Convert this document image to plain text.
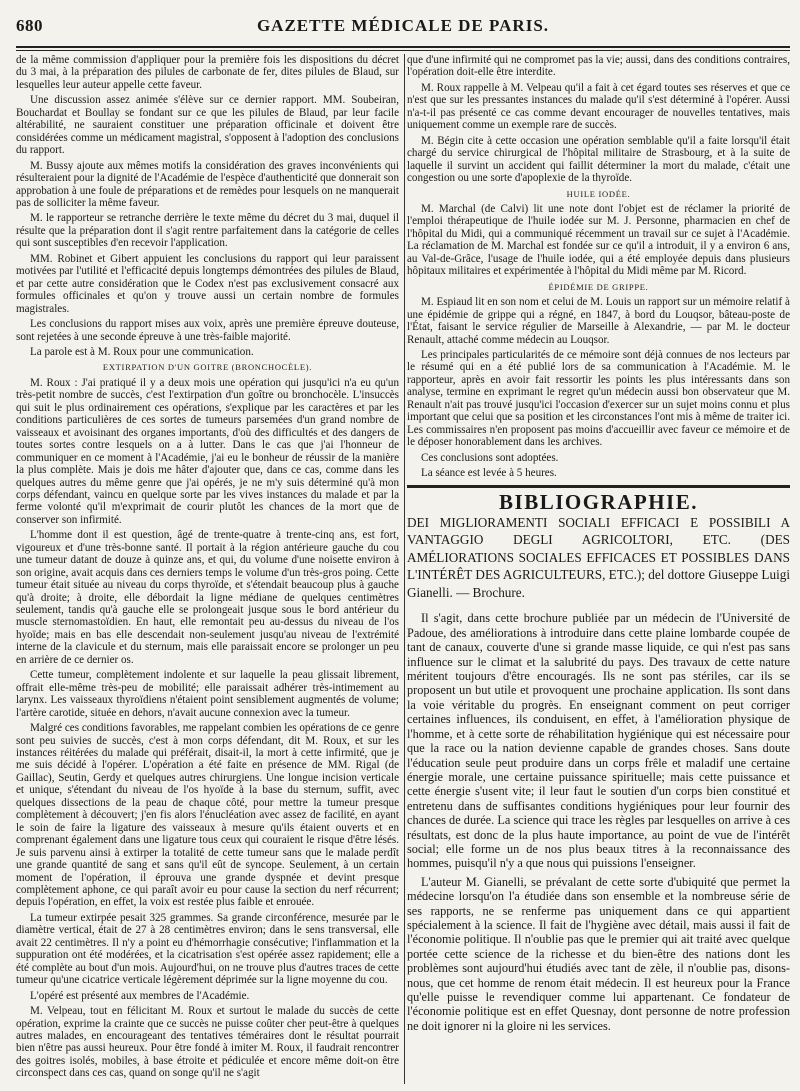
680	GAZETTE MÉDICALE DE PARIS.

de la même commission d'appliquer pour la première fois les dispositions du décret du 3 mai, à la préparation des pilules de carbonate de fer, dites pilules de Blaud, sur lesquelles leur auteur appelle cette faveur.

Une discussion assez animée s'élève sur ce dernier rapport. MM. Soubeiran, Bouchardat et Boullay se fondant sur ce que les pilules de Blaud, par leur facile altérabilité, ne sauraient constituer une préparation officinale et doivent être considérées comme un médicament magistral, s'opposent à l'adoption des conclusions du rapport.

M. Bussy ajoute aux mêmes motifs la considération des graves inconvénients qui résulteraient pour la dignité de l'Académie de l'espèce d'authenticité que donnerait son approbation à une foule de préparations et de remèdes pour lesquels on ne manquerait pas de solliciter la même faveur.

M. le rapporteur se retranche derrière le texte même du décret du 3 mai, duquel il résulte que la préparation dont il s'agit rentre parfaitement dans la catégorie de celles qui sont susceptibles d'en recevoir l'application.

MM. Robinet et Gibert appuient les conclusions du rapport qui leur paraissent motivées par l'utilité et l'efficacité depuis longtemps démontrées des pilules de Blaud, et par cette autre considération que le Codex n'est pas exclusivement consacré aux formules officinales et qu'on y trouve aussi un certain nombre de formules magistrales.

Les conclusions du rapport mises aux voix, après une première épreuve douteuse, sont rejetées à une seconde épreuve à une très-faible majorité.

La parole est à M. Roux pour une communication.

EXTIRPATION D'UN GOITRE (BRONCHOCÈLE).

M. Roux : J'ai pratiqué il y a deux mois une opération qui jusqu'ici n'a eu qu'un très-petit nombre de succès, c'est l'extirpation d'un goître ou bronchocèle. L'insuccès qui suit le plus ordinairement ces opérations, s'explique par les caractères et par les conditions particulières de ces sortes de tumeurs parsemées d'un grand nombre de vaisseaux et avoisinant des organes importants, d'où des difficultés et des dangers de toutes sortes contre lesquels on a à lutter. Dans le cas que j'ai l'honneur de communiquer en ce moment à l'Académie, j'ai eu le bonheur de réussir de la manière la plus complète. Mais je dois me hâter d'ajouter que, dans ce cas, comme dans les quelques autres du même genre que j'ai opérés, je ne m'y suis déterminé qu'à mon corps défendant, vaincu en quelque sorte par les vives instances du malade et par la ferme volonté qu'il m'exprimait de courir plutôt les chances de la mort que de conserver son infirmité.

L'homme dont il est question, âgé de trente-quatre à trente-cinq ans, est fort, vigoureux et d'une très-bonne santé. Il portait à la région antérieure gauche du cou une tumeur datant de douze à quinze ans, et qui, du volume d'une noisette environ à son origine, avait acquis dans ces derniers temps le volume d'un très-gros poing. Cette tumeur était située au niveau du corps thyroïde, et s'étendait beaucoup plus à gauche qu'à droite; à droite, elle débordait la ligne médiane de quelques centimètres seulement, tandis qu'à gauche elle se prolongeait jusque sous le bord antérieur du muscle sternomastoïdien. En haut, elle remontait peu au-dessus du niveau de l'os hyoïde; mais en bas elle descendait non-seulement jusqu'au niveau de l'extrémité interne de la clavicule et du sternum, mais elle paraissait encore se prolonger un peu en arrière de ce dernier os.

Cette tumeur, complètement indolente et sur laquelle la peau glissait librement, offrait elle-même très-peu de mobilité; elle paraissait adhérer très-intimement au larynx. Les vaisseaux thyroïdiens n'étaient point sensiblement augmentés de volume; l'artère carotide, située en dehors, n'avait aucune connexion avec la tumeur.

Malgré ces conditions favorables, me rappelant combien les opérations de ce genre sont peu suivies de succès, c'est à mon corps défendant, dit M. Roux, et sur les instances réitérées du malade qui préférait, disait-il, la mort à cette infirmité, que je me suis décidé à l'opérer. L'opération a été faite en présence de MM. Rigal (de Gaillac), Seutin, Gerdy et quelques autres chirurgiens. Une longue incision verticale et unique, s'étendant du niveau de l'os hyoïde à la base du sternum, suffit, avec quelques dissections de la peau de chaque côté, pour mettre la tumeur presque complètement à découvert; j'en fis alors l'énucléation avec assez de facilité, en ayant le soin de faire la ligature des vaisseaux à mesure qu'ils étaient ouverts et en comprenant également dans une ligature tous ceux qui couraient le risque d'être lésés. Je suis parvenu ainsi à extirper la totalité de cette tumeur sans que le malade perdît une grande quantité de sang et sans qu'il eût de syncope. Seulement, à un certain moment de l'opération, il éprouva une grande dyspnée et devint presque complètement aphone, ce qui paraît avoir eu pour cause la section du nerf récurrent; depuis l'opération, en effet, la voix est restée plus faible et enrouée.

La tumeur extirpée pesait 325 grammes. Sa grande circonférence, mesurée par le diamètre vertical, était de 27 à 28 centimètres environ; dans le sens transversal, elle avait 22 centimètres. Il n'y a point eu d'hémorrhagie consécutive; l'inflammation et la suppuration ont été modérées, et la cicatrisation s'est opérée assez rapidement; elle a été complète au bout d'un mois. Aujourd'hui, on ne trouve plus d'autres traces de cette tumeur qu'une cicatrice verticale légèrement déprimée sur la ligne moyenne du cou.

L'opéré est présenté aux membres de l'Académie.

M. Velpeau, tout en félicitant M. Roux et surtout le malade du succès de cette opération, exprime la crainte que ce succès ne puisse coûter cher peut-être à quelques autres malades, en encourageant des tentatives téméraires dont le résultat pourrait bien n'être pas aussi heureux. Pour être fondé à imiter M. Roux, il faudrait rencontrer des goitres isolés, mobiles, à base étroite et pédiculée et encore même doit-on être circonspect dans ces cas, quand on songe qu'il ne s'agit

que d'une infirmité qui ne compromet pas la vie; aussi, dans des conditions contraires, l'opération doit-elle être interdite.

M. Roux rappelle à M. Velpeau qu'il a fait à cet égard toutes ses réserves et que ce n'est que sur les pressantes instances du malade qu'il s'est déterminé à l'opérer. Aussi n'a-t-il pas présenté ce cas comme devant encourager de nouvelles tentatives, mais uniquement comme un exemple rare de succès.

M. Bégin cite à cette occasion une opération semblable qu'il a faite lorsqu'il était chargé du service chirurgical de l'hôpital militaire de Strasbourg, et à la suite de laquelle il survint un accident qui faillit déterminer la mort du malade, c'était une congestion ou une sorte d'apoplexie de la thyroïde.

HUILE IODÉE.

M. Marchal (de Calvi) lit une note dont l'objet est de réclamer la priorité de l'emploi thérapeutique de l'huile iodée sur M. J. Personne, pharmacien en chef de l'hôpital du Midi, qui a communiqué récemment un travail sur ce sujet à l'Académie. La réclamation de M. Marchal est fondée sur ce qu'il a introduit, il y a environ 6 ans, au Val-de-Grâce, l'usage de l'huile iodée, qui a été employée depuis dans plusieurs hôpitaux militaires et expérimentée à l'hôpital du Midi même par M. Ricord.

ÉPIDÉMIE DE GRIPPE.

M. Espiaud lit en son nom et celui de M. Louis un rapport sur un mémoire relatif à une épidémie de grippe qui a régné, en 1847, à bord du Louqsor, bâteau-poste de l'État, faisant le service régulier de Marseille à Alexandrie, — par M. le docteur Renault, attaché comme médecin au Louqsor.

Les principales particularités de ce mémoire sont déjà connues de nos lecteurs par le résumé qui en a été publié lors de sa communication à l'Académie. M. le rapporteur, après en avoir fait ressortir les points les plus intéressants dans son analyse, termine en exprimant le regret qu'un médecin aussi bon observateur que M. Renault n'ait pas trouvé jusqu'ici l'occasion d'exercer sur un sujet moins connu et plus important que celui que sa position et les circonstances l'ont mis à même de traiter ici. Les commissaires n'en proposent pas moins d'accueillir avec faveur ce mémoire et de le déposer honorablement dans les archives.

Ces conclusions sont adoptées.

La séance est levée à 5 heures.

BIBLIOGRAPHIE.
DEI MIGLIORAMENTI SOCIALI EFFICACI E POSSIBILI A VANTAGGIO DEGLI AGRICOLTORI, ETC. (DES AMÉLIORATIONS SOCIALES EFFICACES ET POSSIBLES DANS L'INTÉRÊT DES AGRICULTEURS, ETC.); del dottore Giuseppe Luigi Gianelli. — Brochure.

Il s'agit, dans cette brochure publiée par un médecin de l'Université de Padoue, des améliorations à introduire dans cette plaine lombarde coupée de tant de canaux, couverte d'une si grande masse liquide, ce qui n'est pas sans influence sur le climat et la salubrité du pays. Des travaux de cette nature méritent toujours d'être encouragés. Ils ne sont pas stériles, car ils se proposent un but utile et provoquent une prochaine application. Ils sont dans la voie véritable du progrès. En enseignant comment on peut corriger certaines influences, ils conduisent, en effet, à l'amélioration physique de l'homme, et à cette sorte de réhabilitation hygiénique qui est nécessaire pour que la race ou la nation devienne capable de grandes choses. Sans doute l'éducation seule peut produire dans un corps frêle et maladif une certaine énergie morale, une certaine puissance spirituelle; mais cette puissance et cette énergie s'usent vite; il leur faut le soutien d'un corps bien constitué et entretenu dans de suffisantes conditions hygiéniques pour leur fournir des chances de durée. La science qui trace les règles par lesquelles on arrive à ces résultats, est donc de la plus haute importance, au point de vue de l'intérêt social; elle forme un de nos plus beaux titres à la reconnaissance des hommes, puisqu'il n'y a que nous qui puissions l'enseigner.

L'auteur M. Gianelli, se prévalant de cette sorte d'ubiquité que permet la médecine lorsqu'on l'a étudiée dans son ensemble et la nombreuse série de ses rapports, ne se renferme pas uniquement dans ce qui appartient spécialement à la science. Il fait de l'hygiène avec détail, mais aussi il fait de l'économie politique. Il n'oublie pas que le premier qui ait traité avec quelque portée cette science de la richesse et du bien-être des nations dont les problèmes sont aujourd'hui étudiés avec tant de zèle, il n'oublie pas, disons-nous, que cet homme de renom était médecin. Il est heureux pour la France qu'elle puisse le revendiquer comme lui appartenant. Ce fondateur de l'économie politique est en effet Quesnay, dont personne de notre profession ne doit ignorer ni la gloire ni les services.
